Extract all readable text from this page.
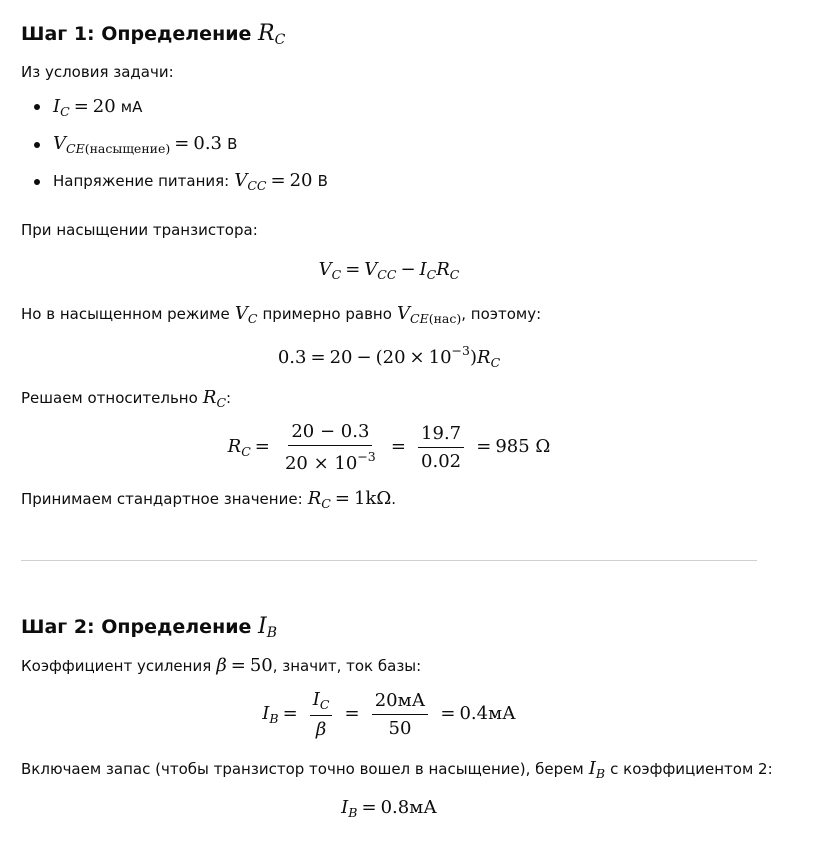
Шаг 1: Определение $R_C$
Из условия задачи:
$I_C = 20$ мА
$V_{CE(насыщение)} = 0.3$ В
Напряжение питания: $V_{CC} = 20$ В
При насыщении транзистора:
$V_C = V_{CC} - I_CR_C$
Но в насыщенном режиме $V_C$ примерно равно $V_{CE(нас)}$, поэтому:
$0.3 = 20 - (20 \times 10^{-3})R_C$
Решаем относительно $R_C$:
$R_C = \frac{20 - 0.3}{20 \times 10^{-3}} = \frac{19.7}{0.02} = 985$ Ω
Принимаем стандартное значение: $R_C = 1k\Omega$.
Шаг 2: Определение $I_B$
Коэффициент усиления β = 50, значит, ток базы:
$I_B = \frac{I_C}{\beta} = \frac{20мА}{50} = 0.4мА$
Включаем запас (чтобы транзистор точно вошел в насыщение), берем $I_B$ с коэффициентом 2:
$I_B = 0.8мА$
